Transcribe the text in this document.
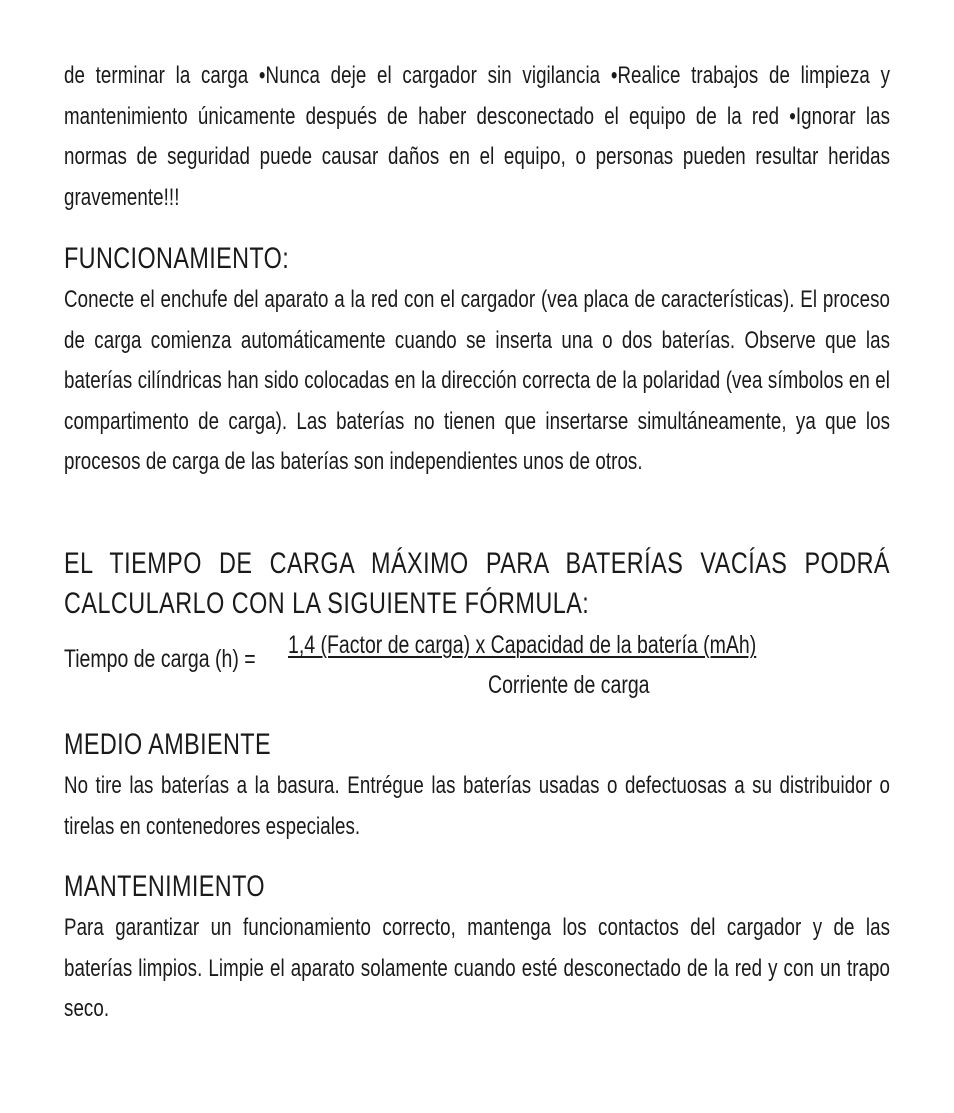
de terminar la carga •Nunca deje el cargador sin vigilancia •Realice trabajos de limpieza y mantenimiento únicamente después de haber desconectado el equipo de la red •Ignorar las normas de seguridad puede causar daños en el equipo, o personas pueden resultar heridas gravemente!!!

FUNCIONAMIENTO:

Conecte el enchufe del aparato a la red con el cargador (vea placa de características). El proceso de carga comienza automáticamente cuando se inserta una o dos baterías. Observe que las baterías cilíndricas han sido colocadas en la dirección correcta de la polaridad (vea símbolos en el compartimento de carga). Las baterías no tienen que insertarse simultáneamente, ya que los procesos de carga de las baterías son independientes unos de otros.

EL TIEMPO DE CARGA MÁXIMO PARA BATERÍAS VACÍAS PODRÁ CALCULARLO CON LA SIGUIENTE FÓRMULA:
Tiempo de carga (h) = 1,4 (Factor de carga) x Capacidad de la batería (mAh)
Corriente de carga
MEDIO AMBIENTE

No tire las baterías a la basura. Entrégue las baterías usadas o defectuosas a su distribuidor o tirelas en contenedores especiales.

MANTENIMIENTO

Para garantizar un funcionamiento correcto, mantenga los contactos del cargador y de las baterías limpios. Limpie el aparato solamente cuando esté desconectado de la red y con un trapo seco.
